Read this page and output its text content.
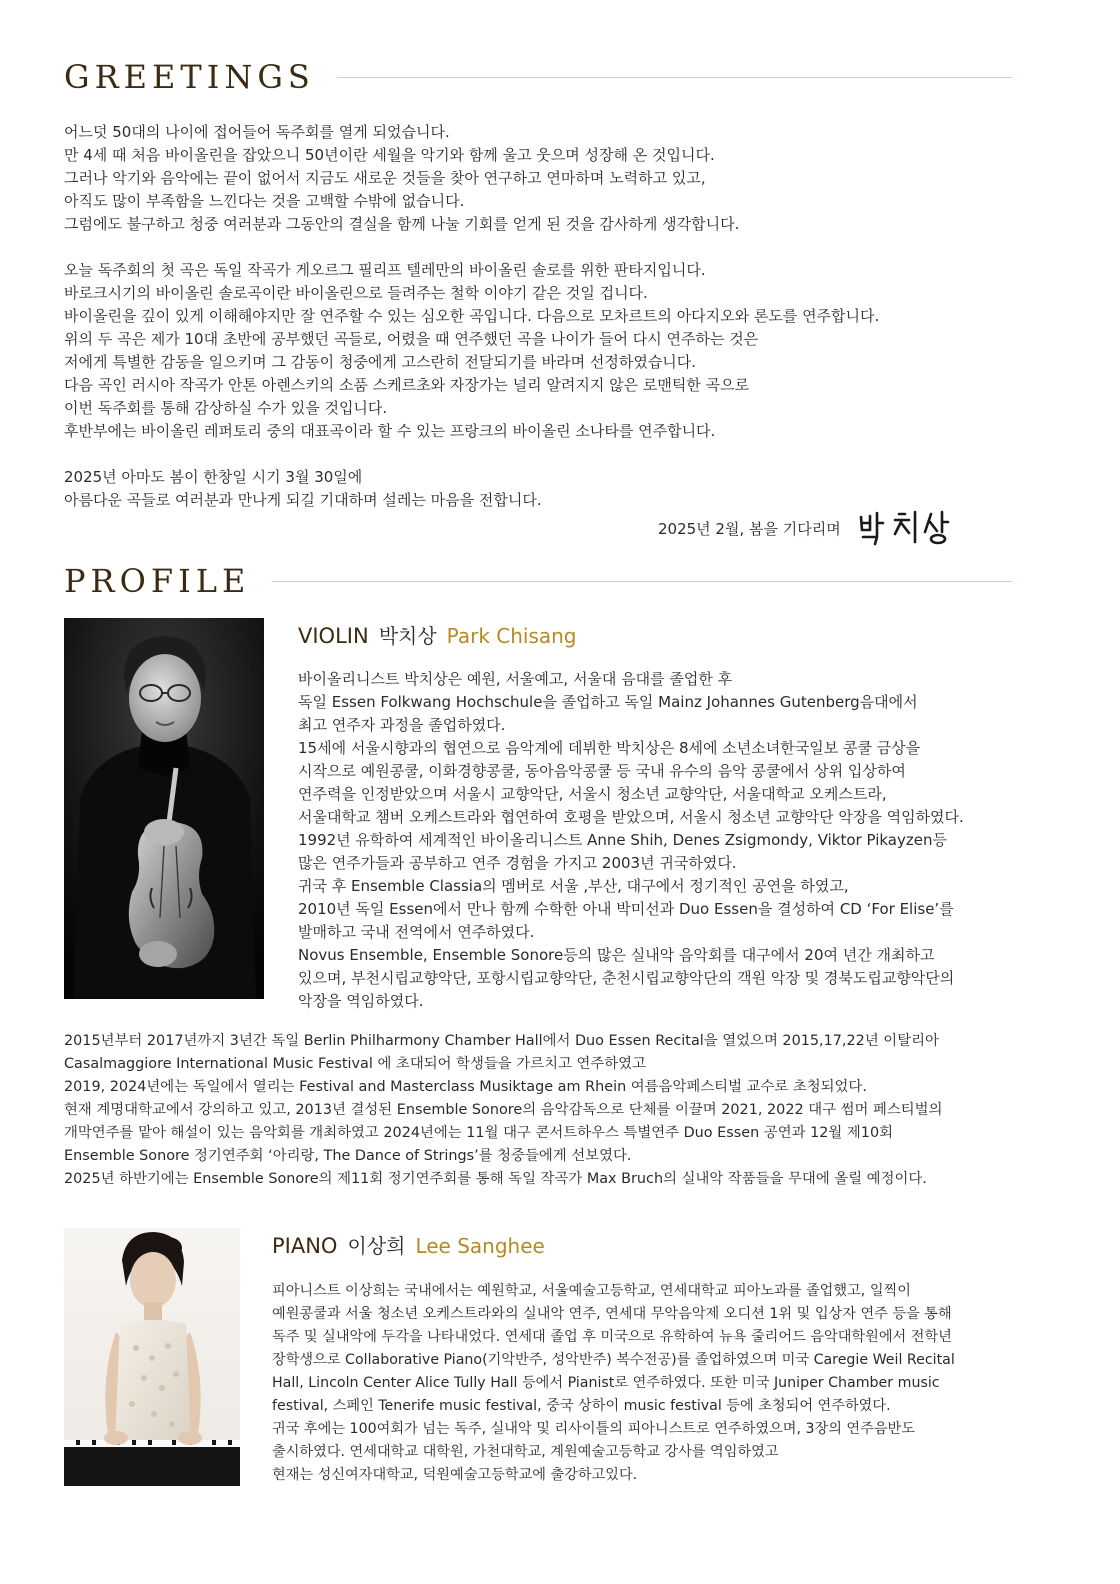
GREETINGS
어느덧 50대의 나이에 접어들어 독주회를 열게 되었습니다.
만 4세 때 처음 바이올린을 잡았으니 50년이란 세월을 악기와 함께 울고 웃으며 성장해 온 것입니다.
그러나 악기와 음악에는 끝이 없어서 지금도 새로운 것들을 찾아 연구하고 연마하며 노력하고 있고,
아직도 많이 부족함을 느낀다는 것을 고백할 수밖에 없습니다.
그럼에도 불구하고 청중 여러분과 그동안의 결실을 함께 나눌 기회를 얻게 된 것을 감사하게 생각합니다.
오늘 독주회의 첫 곡은 독일 작곡가 게오르그 필리프 텔레만의 바이올린 솔로를 위한 판타지입니다.
바로크시기의 바이올린 솔로곡이란 바이올린으로 들려주는 철학 이야기 같은 것일 겁니다.
바이올린을 깊이 있게 이해해야지만 잘 연주할 수 있는 심오한 곡입니다. 다음으로 모차르트의 아다지오와 론도를 연주합니다.
위의 두 곡은 제가 10대 초반에 공부했던 곡들로, 어렸을 때 연주했던 곡을 나이가 들어 다시 연주하는 것은
저에게 특별한 감동을 일으키며 그 감동이 청중에게 고스란히 전달되기를 바라며 선정하였습니다.
다음 곡인 러시아 작곡가 안톤 아렌스키의 소품 스케르초와 자장가는 널리 알려지지 않은 로맨틱한 곡으로
이번 독주회를 통해 감상하실 수가 있을 것입니다.
후반부에는 바이올린 레퍼토리 중의 대표곡이라 할 수 있는 프랑크의 바이올린 소나타를 연주합니다.
2025년 아마도 봄이 한창일 시기 3월 30일에
아름다운 곡들로 여러분과 만나게 되길 기대하며 설레는 마음을 전합니다.
2025년 2월, 봄을 기다리며
PROFILE
VIOLIN 박치상 Park Chisang
바이올리니스트 박치상은 예원, 서울예고, 서울대 음대를 졸업한 후
독일 Essen Folkwang Hochschule을 졸업하고 독일 Mainz Johannes Gutenberg음대에서
최고 연주자 과정을 졸업하였다.
15세에 서울시향과의 협연으로 음악계에 데뷔한 박치상은 8세에 소년소녀한국일보 콩쿨 금상을
시작으로 예원콩쿨, 이화경향콩쿨, 동아음악콩쿨 등 국내 유수의 음악 콩쿨에서 상위 입상하여
연주력을 인정받았으며 서울시 교향악단, 서울시 청소년 교향악단, 서울대학교 오케스트라,
서울대학교 챔버 오케스트라와 협연하여 호평을 받았으며, 서울시 청소년 교향악단 악장을 역임하였다.
1992년 유학하여 세계적인 바이올리니스트 Anne Shih, Denes Zsigmondy, Viktor Pikayzen등
많은 연주가들과 공부하고 연주 경험을 가지고 2003년 귀국하였다.
귀국 후 Ensemble Classia의 멤버로 서울 ,부산, 대구에서 정기적인 공연을 하였고,
2010년 독일 Essen에서 만나 함께 수학한 아내 박미선과 Duo Essen을 결성하여 CD ‘For Elise’를
발매하고 국내 전역에서 연주하였다.
Novus Ensemble, Ensemble Sonore등의 많은 실내악 음악회를 대구에서 20여 년간 개최하고
있으며, 부천시립교향악단, 포항시립교향악단, 춘천시립교향악단의 객원 악장 및 경북도립교향악단의
악장을 역임하였다.
2015년부터 2017년까지 3년간 독일 Berlin Philharmony Chamber Hall에서 Duo Essen Recital을 열었으며 2015,17,22년 이탈리아
Casalmaggiore International Music Festival 에 초대되어 학생들을 가르치고 연주하였고
2019, 2024년에는 독일에서 열리는 Festival and Masterclass Musiktage am Rhein 여름음악페스티벌 교수로 초청되었다.
현재 계명대학교에서 강의하고 있고, 2013년 결성된 Ensemble Sonore의 음악감독으로 단체를 이끌며 2021, 2022 대구 썸머 페스티벌의
개막연주를 맡아 해설이 있는 음악회를 개최하였고 2024년에는 11월 대구 콘서트하우스 특별연주 Duo Essen 공연과 12월 제10회
Ensemble Sonore 정기연주회 ‘아리랑, The Dance of Strings’를 청중들에게 선보였다.
2025년 하반기에는 Ensemble Sonore의 제11회 정기연주회를 통해 독일 작곡가 Max Bruch의 실내악 작품들을 무대에 올릴 예정이다.
PIANO 이상희 Lee Sanghee
피아니스트 이상희는 국내에서는 예원학교, 서울예술고등학교, 연세대학교 피아노과를 졸업했고, 일찍이
예원콩쿨과 서울 청소년 오케스트라와의 실내악 연주, 연세대 무악음악제 오디션 1위 및 입상자 연주 등을 통해
독주 및 실내악에 두각을 나타내었다. 연세대 졸업 후 미국으로 유학하여 뉴욕 줄리어드 음악대학원에서 전학년
장학생으로 Collaborative Piano(기악반주, 성악반주) 복수전공)를 졸업하였으며 미국 Caregie Weil Recital
Hall, Lincoln Center Alice Tully Hall 등에서 Pianist로 연주하였다. 또한 미국 Juniper Chamber music
festival, 스페인 Tenerife music festival, 중국 상하이 music festival 등에 초청되어 연주하였다.
귀국 후에는 100여회가 넘는 독주, 실내악 및 리사이틀의 피아니스트로 연주하였으며, 3장의 연주음반도
출시하였다. 연세대학교 대학원, 가천대학교, 계원예술고등학교 강사를 역임하였고
현재는 성신여자대학교, 덕원예술고등학교에 출강하고있다.
